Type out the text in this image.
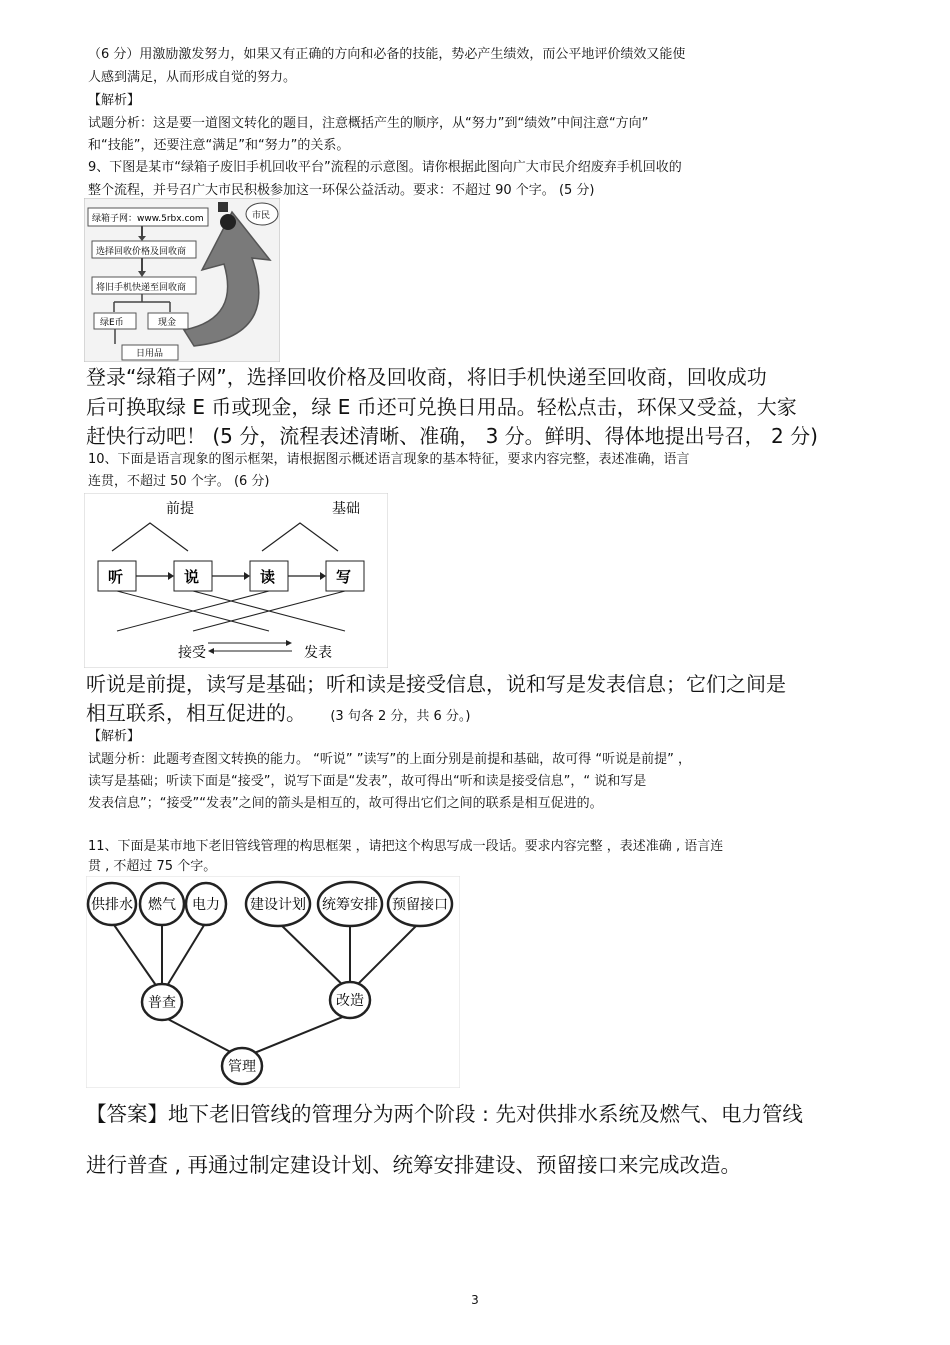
（6 分）用激励激发努力，如果又有正确的方向和必备的技能，势必产生绩效，而公平地评价绩效又能使
人感到满足，从而形成自觉的努力。
【解析】
试题分析：这是要一道图文转化的题目，注意概括产生的顺序，从“努力”到“绩效”中间注意“方向”
和“技能”，还要注意“满足”和“努力”的关系。
9、下图是某市“绿箱子废旧手机回收平台”流程的示意图。请你根据此图向广大市民介绍废弃手机回收的
整个流程，并号召广大市民积极参加这一环保公益活动。要求：不超过 90 个字。 (5 分)
绿箱子网：www.5rbx.com	市民
选择回收价格及回收商
将旧手机快递至回收商
绿E币	现金
日用品
登录“绿箱子网”，选择回收价格及回收商，将旧手机快递至回收商，回收成功
后可换取绿 E 币或现金，绿 E 币还可兑换日用品。轻松点击，环保又受益，大家
赶快行动吧！ (5 分，流程表述清晰、准确， 3 分。鲜明、得体地提出号召， 2 分)
10、下面是语言现象的图示框架，请根据图示概述语言现象的基本特征，要求内容完整，表述准确，语言
连贯，不超过 50 个字。 (6 分)
前提	基础
听	说	读	写
接受	发表
听说是前提，读写是基础；听和读是接受信息，说和写是发表信息；它们之间是
相互联系，相互促进的。 (3 句各 2 分，共 6 分。)
【解析】
试题分析：此题考查图文转换的能力。 “听说” ”读写”的上面分别是前提和基础，故可得 “听说是前提” ，
读写是基础；听读下面是“接受”，说写下面是“发表”，故可得出“听和读是接受信息”，“ 说和写是
发表信息”；“接受”“发表”之间的箭头是相互的，故可得出它们之间的联系是相互促进的。
11、下面是某市地下老旧管线管理的构思框架 ，请把这个构思写成一段话。要求内容完整 ，表述准确 , 语言连
贯 , 不超过 75 个字。
供排水 燃气 电力 建设计划 统筹安排 预留接口
普查	改造
管理
【答案】地下老旧管线的管理分为两个阶段 : 先对供排水系统及燃气、电力管线
进行普查 , 再通过制定建设计划、统筹安排建设、预留接口来完成改造。
3
